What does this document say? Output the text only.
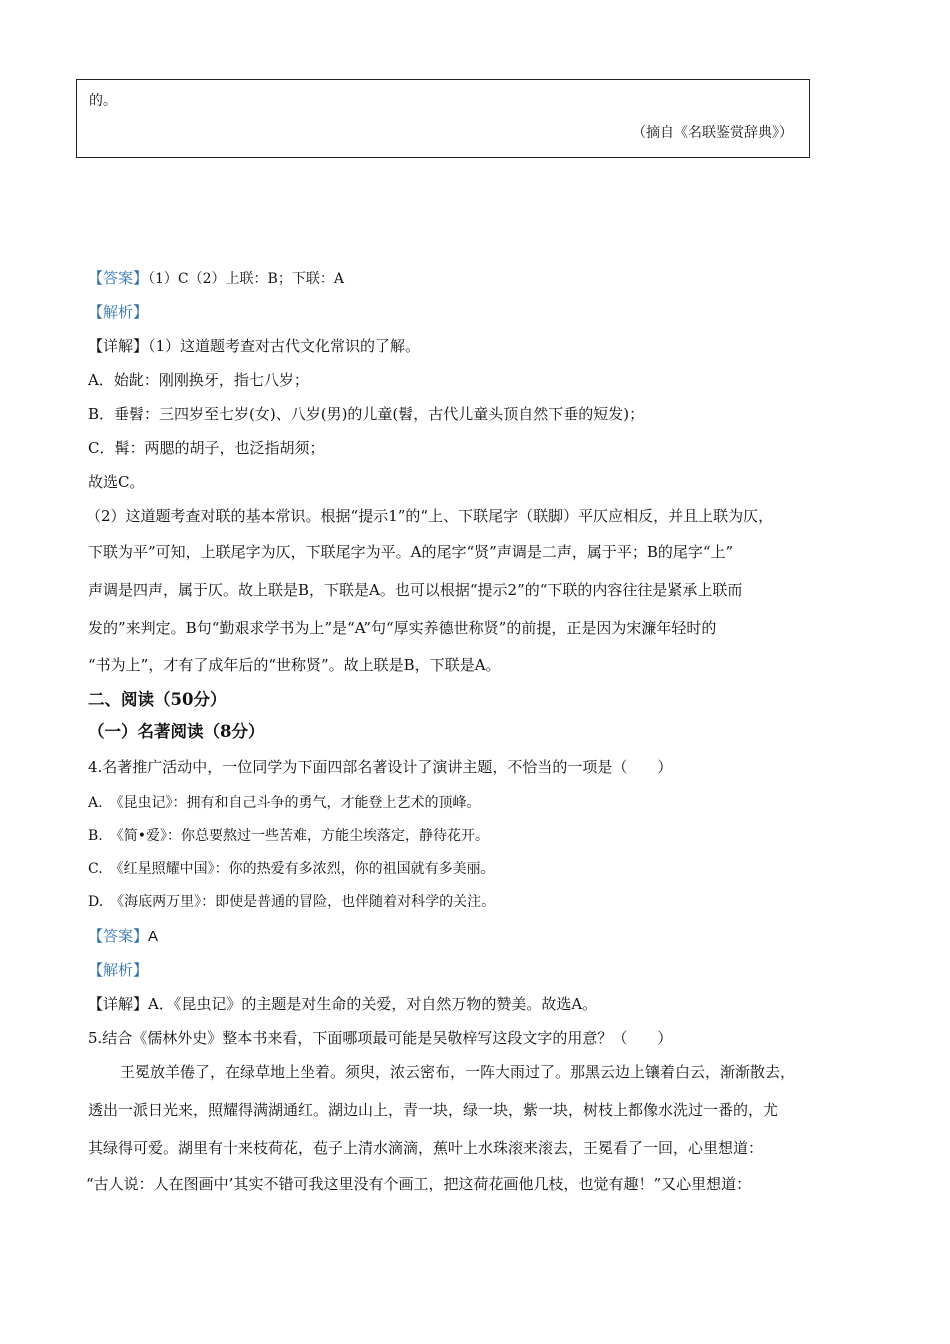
的。
（摘自《名联鉴赏辞典》）
【答案】（1）C（2）上联：B；下联：A
【解析】
【详解】（1）这道题考查对古代文化常识的了解。
A．始龀：刚刚换牙，指七八岁；
B．垂髫：三四岁至七岁(女)、八岁(男)的儿童(髫，古代儿童头顶自然下垂的短发)；
C．髯：两腮的胡子，也泛指胡须；
故选C。
（2）这道题考查对联的基本常识。根据“提示1”的“上、下联尾字（联脚）平仄应相反，并且上联为仄，
下联为平”可知，上联尾字为仄，下联尾字为平。A的尾字“贤”声调是二声，属于平；B的尾字“上”
声调是四声，属于仄。故上联是B，下联是A。也可以根据“提示2”的“下联的内容往往是紧承上联而
发的”来判定。B句“勤艰求学书为上”是“A”句“厚实养德世称贤”的前提，正是因为宋濂年轻时的
“书为上”，才有了成年后的“世称贤”。故上联是B，下联是A。
二、阅读（50分）
（一）名著阅读（8分）
4.名著推广活动中，一位同学为下面四部名著设计了演讲主题，不恰当的一项是（　　）
A.　《昆虫记》：拥有和自己斗争的勇气，才能登上艺术的顶峰。
B.　《简•爱》：你总要熬过一些苦难，方能尘埃落定，静待花开。
C.　《红星照耀中国》：你的热爱有多浓烈，你的祖国就有多美丽。
D.　《海底两万里》：即使是普通的冒险，也伴随着对科学的关注。
【答案】A
【解析】
【详解】A．《昆虫记》的主题是对生命的关爱，对自然万物的赞美。故选A。
5.结合《儒林外史》整本书来看，下面哪项最可能是吴敬梓写这段文字的用意？（　　）
王冕放羊倦了，在绿草地上坐着。须臾，浓云密布，一阵大雨过了。那黑云边上镶着白云，渐渐散去，
透出一派日光来，照耀得满湖通红。湖边山上，青一块，绿一块，紫一块，树枝上都像水洗过一番的，尤
其绿得可爱。湖里有十来枝荷花，苞子上清水滴滴，蕉叶上水珠滚来滚去，王冕看了一回，心里想道：
“古人说：人在图画中’其实不错可我这里没有个画工，把这荷花画他几枝，也觉有趣！”又心里想道：
